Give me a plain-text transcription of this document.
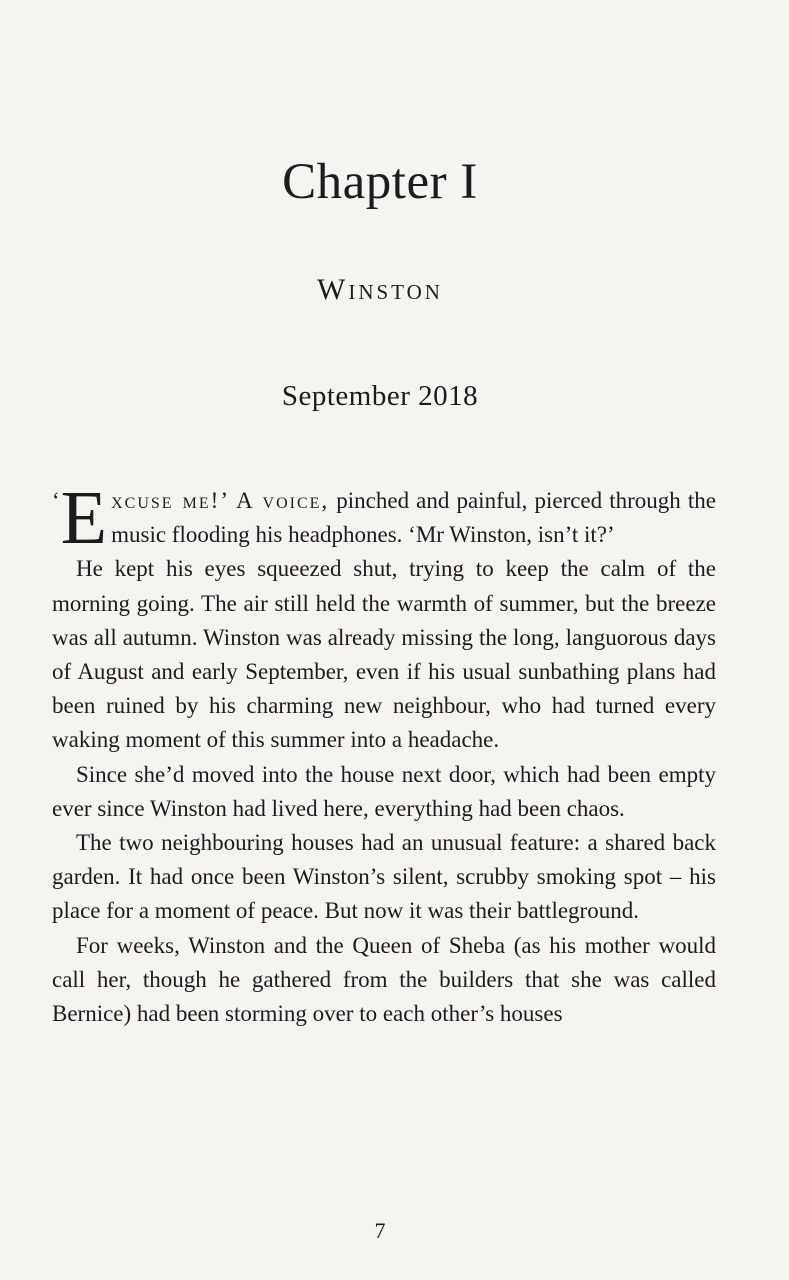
Chapter I
Winston
September 2018

‘ E xcuse me!’ A voice, pinched and painful, pierced through the music flooding his headphones. ‘Mr Winston, isn’t it?’

He kept his eyes squeezed shut, trying to keep the calm of the morning going. The air still held the warmth of summer, but the breeze was all autumn. Winston was already missing the long, languorous days of August and early September, even if his usual sunbathing plans had been ruined by his charming new neighbour, who had turned every waking moment of this summer into a headache.

Since she’d moved into the house next door, which had been empty ever since Winston had lived here, everything had been chaos.

The two neighbouring houses had an unusual feature: a shared back garden. It had once been Winston’s silent, scrubby smoking spot – his place for a moment of peace. But now it was their battleground.

For weeks, Winston and the Queen of Sheba (as his mother would call her, though he gathered from the builders that she was called Bernice) had been storming over to each other’s houses

7
